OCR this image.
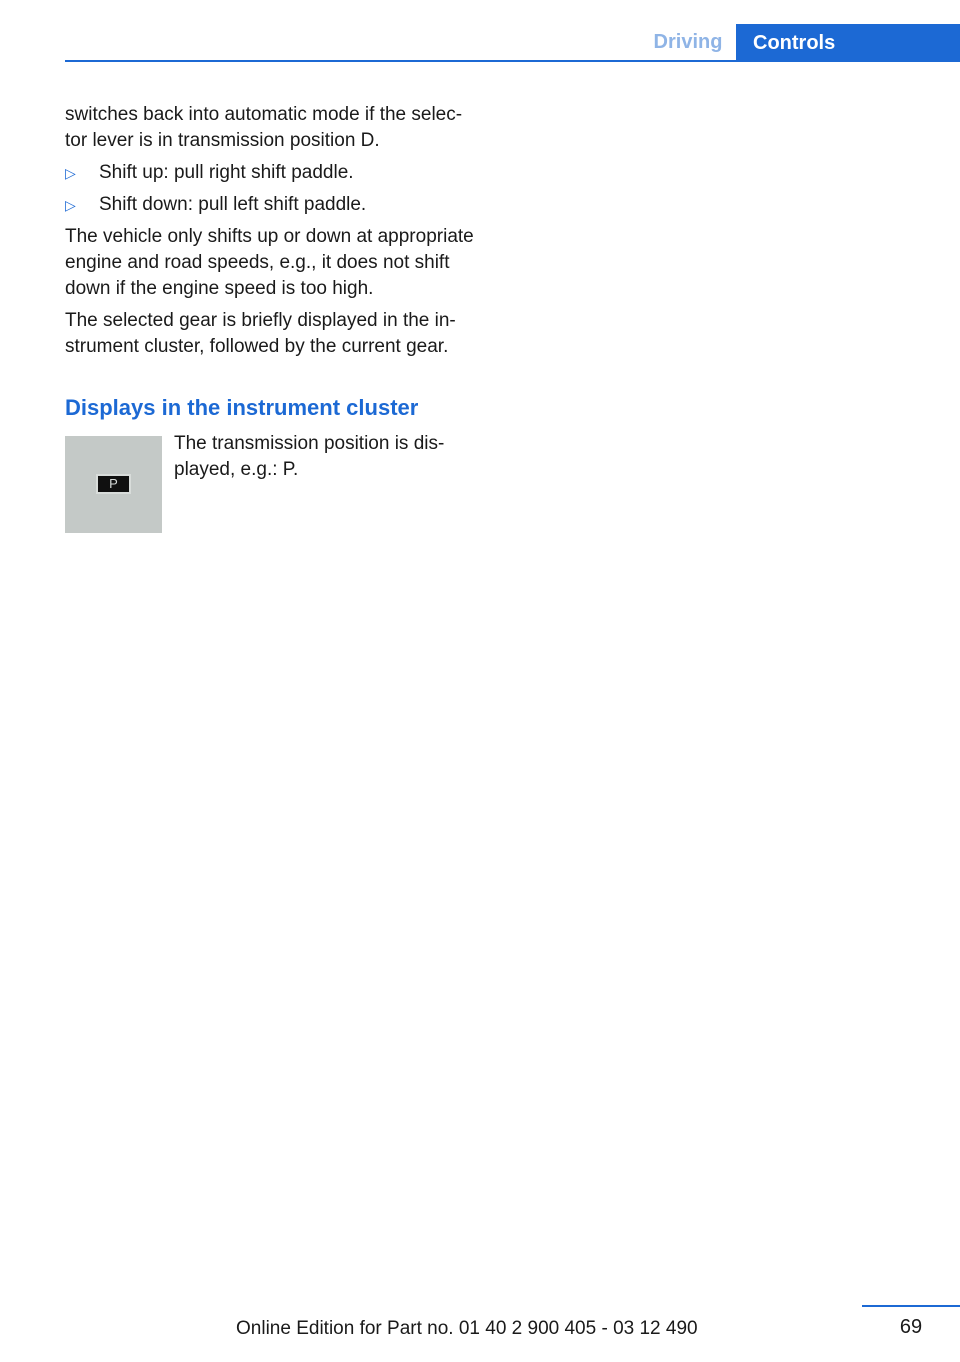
Driving	Controls

switches back into automatic mode if the selec‐ tor lever is in transmission position D.

▷ Shift up: pull right shift paddle.
▷ Shift down: pull left shift paddle.

The vehicle only shifts up or down at appropriate engine and road speeds, e.g., it does not shift down if the engine speed is too high.

The selected gear is briefly displayed in the in‐ strument cluster, followed by the current gear.

Displays in the instrument cluster
P
The transmission position is dis‐ played, e.g.: P.
69
Online Edition for Part no. 01 40 2 900 405 - 03 12 490
